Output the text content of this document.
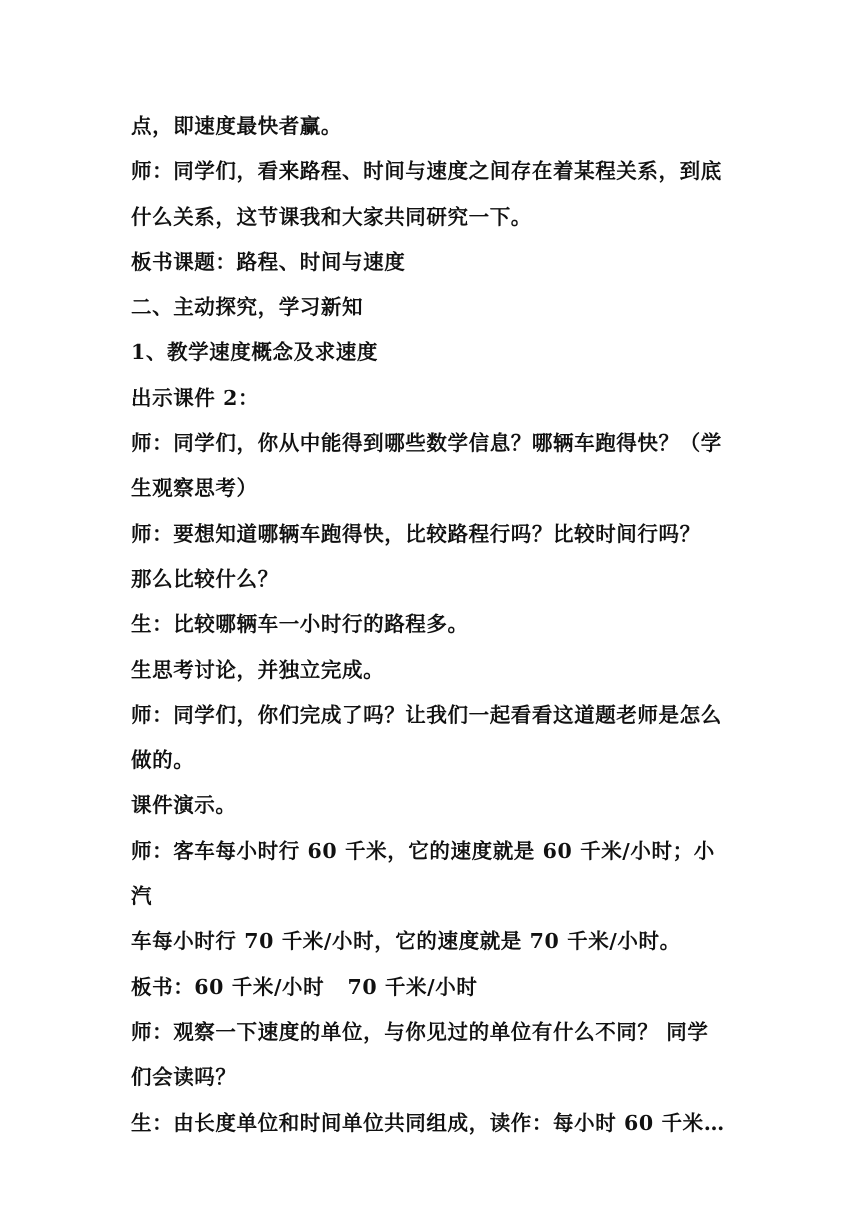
点，即速度最快者赢。

师：同学们，看来路程、时间与速度之间存在着某程关系，到底

什么关系，这节课我和大家共同研究一下。

板书课题：路程、时间与速度

二、主动探究，学习新知

1、教学速度概念及求速度

出示课件 2：

师：同学们，你从中能得到哪些数学信息？哪辆车跑得快？（学

生观察思考）

师：要想知道哪辆车跑得快，比较路程行吗？比较时间行吗？

那么比较什么？

生：比较哪辆车一小时行的路程多。

生思考讨论，并独立完成。

师：同学们，你们完成了吗？让我们一起看看这道题老师是怎么

做的。

课件演示。

师：客车每小时行 60 千米，它的速度就是 60 千米/小时；小汽

车每小时行 70 千米/小时，它的速度就是 70 千米/小时。

板书：60 千米/小时   70 千米/小时

师：观察一下速度的单位，与你见过的单位有什么不同？ 同学

们会读吗？

生：由长度单位和时间单位共同组成，读作：每小时 60 千米…
